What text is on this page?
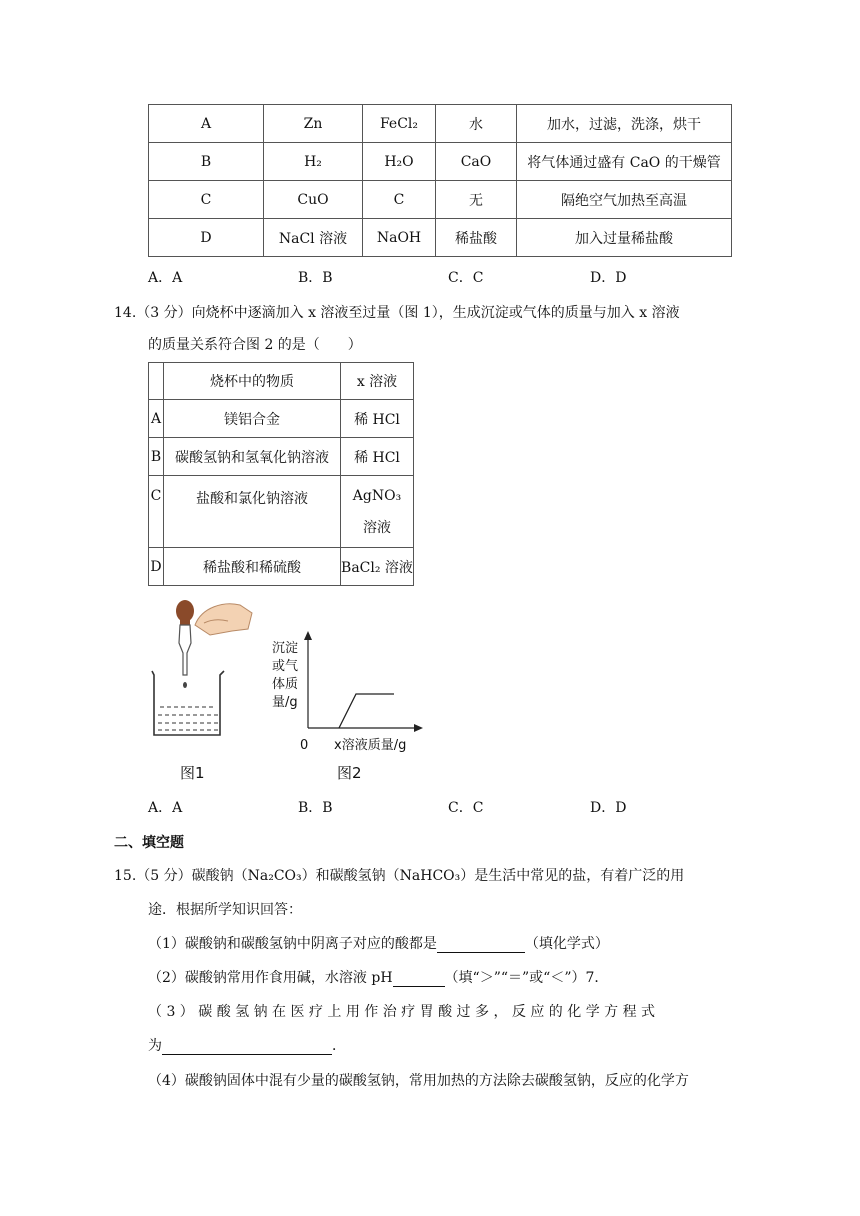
A	Zn	FeCl₂	水	加水，过滤，洗涤，烘干
B	H₂	H₂O	CaO	将气体通过盛有 CaO 的干燥管
C	CuO	C	无	隔绝空气加热至高温
D	NaCl 溶液	NaOH	稀盐酸	加入过量稀盐酸
A．A	B．B	C．C	D．D
14.（3 分）向烧杯中逐滴加入 x 溶液至过量（图 1），生成沉淀或气体的质量与加入 x 溶液
的质量关系符合图 2 的是（　　）
	烧杯中的物质	x 溶液
A	镁铝合金	稀 HCl
B	碳酸氢钠和氢氧化钠溶液	稀 HCl
C	盐酸和氯化钠溶液	AgNO₃ 溶液
D	稀盐酸和稀硫酸	BaCl₂ 溶液
图1
沉淀
或气
体质
量/g
0 x溶液质量/g
图2
A．A	B．B	C．C	D．D
二、填空题
15.（5 分）碳酸钠（Na₂CO₃）和碳酸氢钠（NaHCO₃）是生活中常见的盐，有着广泛的用
途．根据所学知识回答：
（1）碳酸钠和碳酸氢钠中阴离子对应的酸都是	（填化学式）
（2）碳酸钠常用作食用碱，水溶液 pH	（填“＞”“＝”或“＜”）7．
（ 3 ） 碳 酸 氢 钠 在 医 疗 上 用 作 治 疗 胃 酸 过 多 ， 反 应 的 化 学 方 程 式
为	．
（4）碳酸钠固体中混有少量的碳酸氢钠，常用加热的方法除去碳酸氢钠，反应的化学方
